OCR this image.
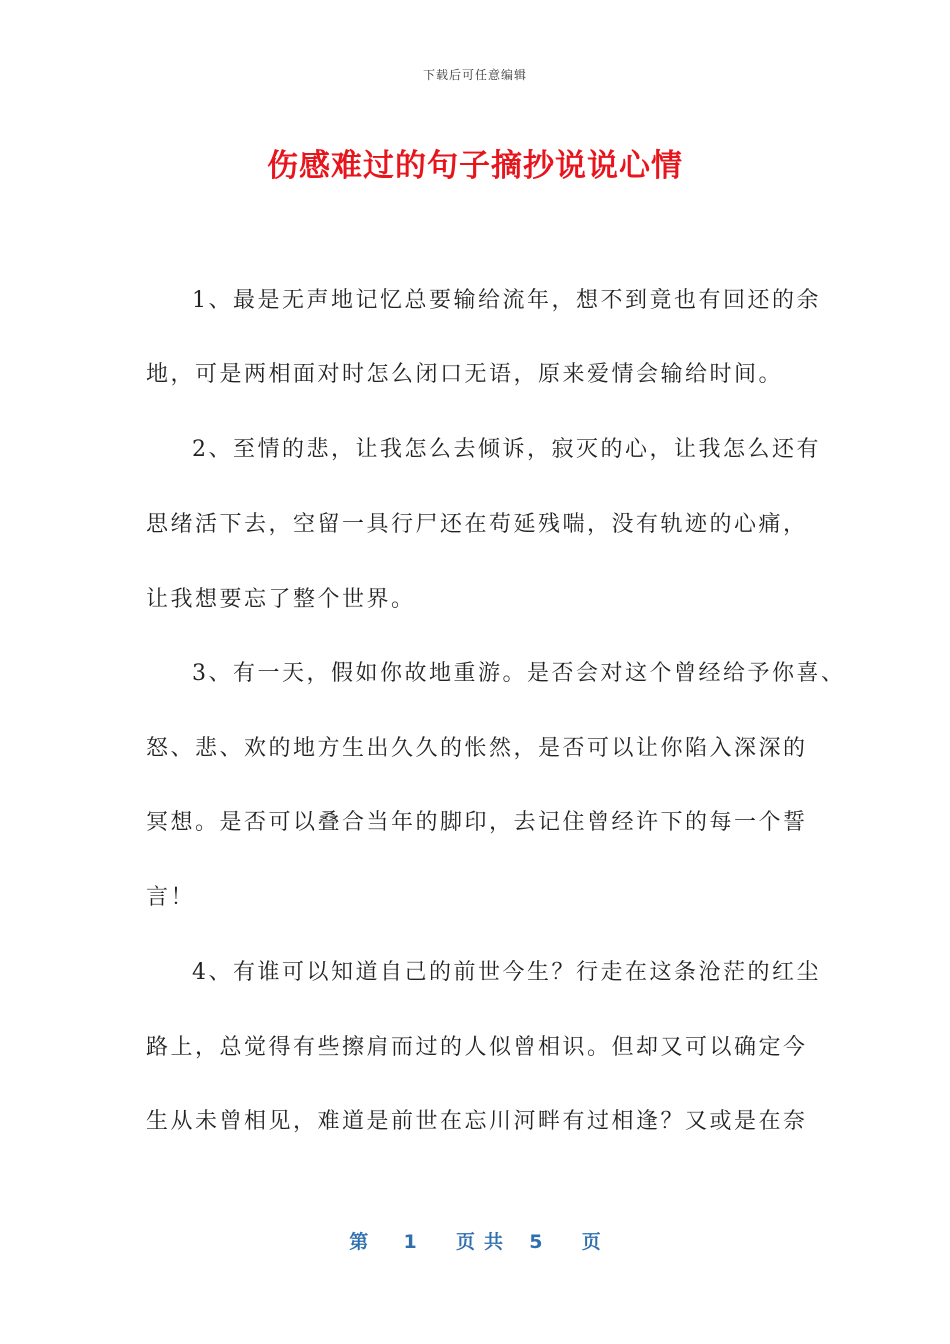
下载后可任意编辑
伤感难过的句子摘抄说说心情
1、最是无声地记忆总要输给流年，想不到竟也有回还的余
地，可是两相面对时怎么闭口无语，原来爱情会输给时间。
2、至情的悲，让我怎么去倾诉，寂灭的心，让我怎么还有
思绪活下去，空留一具行尸还在苟延残喘，没有轨迹的心痛，
让我想要忘了整个世界。
3、有一天，假如你故地重游。是否会对这个曾经给予你喜、
怒、悲、欢的地方生出久久的怅然，是否可以让你陷入深深的
冥想。是否可以叠合当年的脚印，去记住曾经许下的每一个誓
言！
4、有谁可以知道自己的前世今生？行走在这条沧茫的红尘
路上，总觉得有些擦肩而过的人似曾相识。但却又可以确定今
生从未曾相见，难道是前世在忘川河畔有过相逢？又或是在奈
第 1 页共 5 页
